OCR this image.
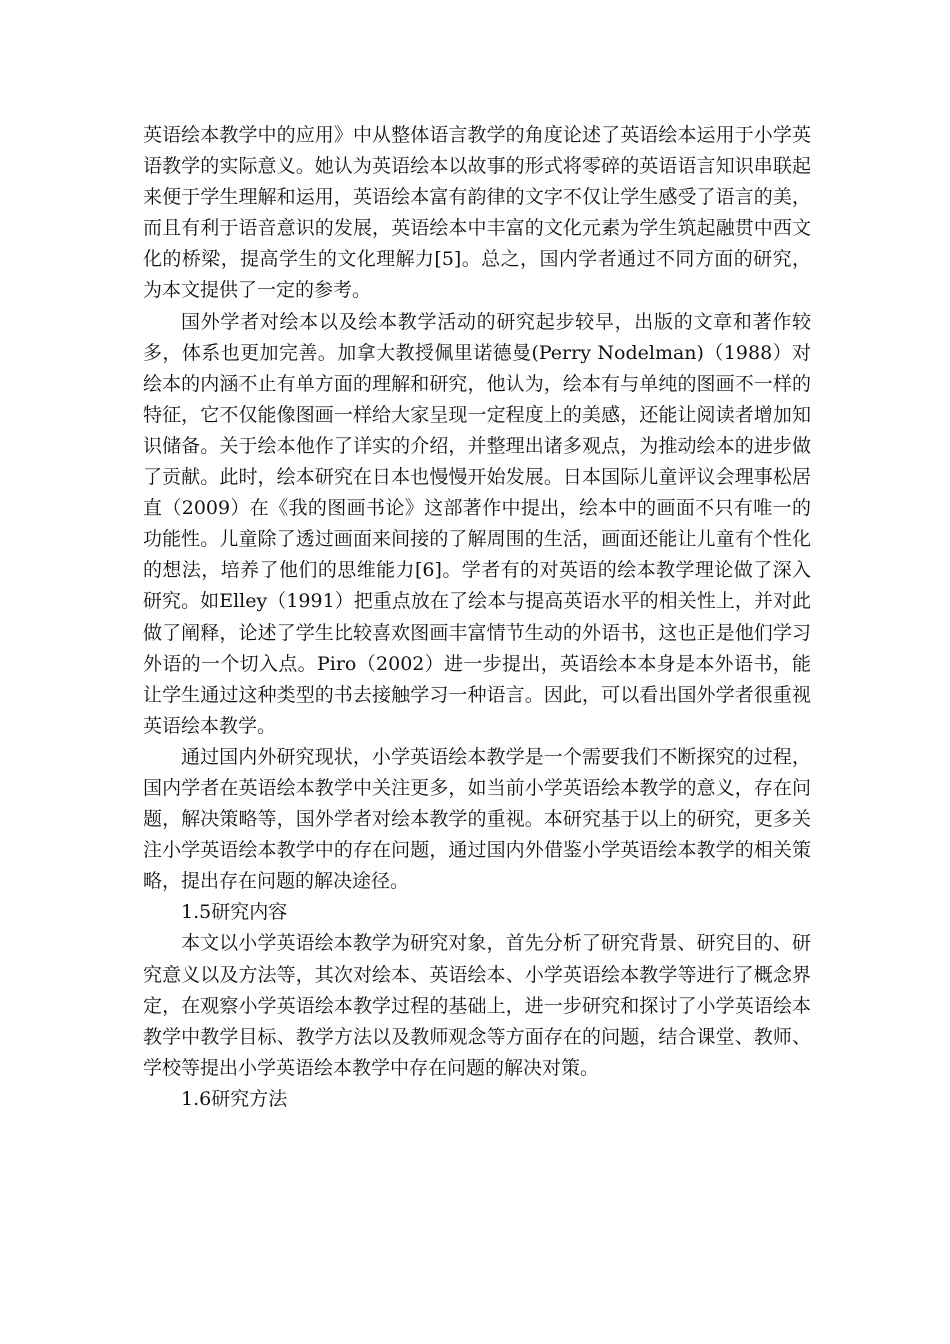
英语绘本教学中的应用》中从整体语言教学的角度论述了英语绘本运用于小学英语教学的实际意义。她认为英语绘本以故事的形式将零碎的英语语言知识串联起来便于学生理解和运用，英语绘本富有韵律的文字不仅让学生感受了语言的美，而且有利于语音意识的发展，英语绘本中丰富的文化元素为学生筑起融贯中西文化的桥梁，提高学生的文化理解力[5]。总之，国内学者通过不同方面的研究，为本文提供了一定的参考。

国外学者对绘本以及绘本教学活动的研究起步较早，出版的文章和著作较多，体系也更加完善。加拿大教授佩里诺德曼(Perry Nodelman)（1988）对绘本的内涵不止有单方面的理解和研究，他认为，绘本有与单纯的图画不一样的特征，它不仅能像图画一样给大家呈现一定程度上的美感，还能让阅读者增加知识储备。关于绘本他作了详实的介绍，并整理出诸多观点，为推动绘本的进步做了贡献。此时，绘本研究在日本也慢慢开始发展。日本国际儿童评议会理事松居直（2009）在《我的图画书论》这部著作中提出，绘本中的画面不只有唯一的功能性。儿童除了透过画面来间接的了解周围的生活，画面还能让儿童有个性化的想法，培养了他们的思维能力[6]。学者有的对英语的绘本教学理论做了深入研究。如Elley（1991）把重点放在了绘本与提高英语水平的相关性上，并对此做了阐释，论述了学生比较喜欢图画丰富情节生动的外语书，这也正是他们学习外语的一个切入点。Piro（2002）进一步提出，英语绘本本身是本外语书，能让学生通过这种类型的书去接触学习一种语言。因此，可以看出国外学者很重视英语绘本教学。

通过国内外研究现状，小学英语绘本教学是一个需要我们不断探究的过程，国内学者在英语绘本教学中关注更多，如当前小学英语绘本教学的意义，存在问题，解决策略等，国外学者对绘本教学的重视。本研究基于以上的研究，更多关注小学英语绘本教学中的存在问题，通过国内外借鉴小学英语绘本教学的相关策略，提出存在问题的解决途径。

1.5研究内容

本文以小学英语绘本教学为研究对象，首先分析了研究背景、研究目的、研究意义以及方法等，其次对绘本、英语绘本、小学英语绘本教学等进行了概念界定，在观察小学英语绘本教学过程的基础上，进一步研究和探讨了小学英语绘本教学中教学目标、教学方法以及教师观念等方面存在的问题，结合课堂、教师、学校等提出小学英语绘本教学中存在问题的解决对策。

1.6研究方法
